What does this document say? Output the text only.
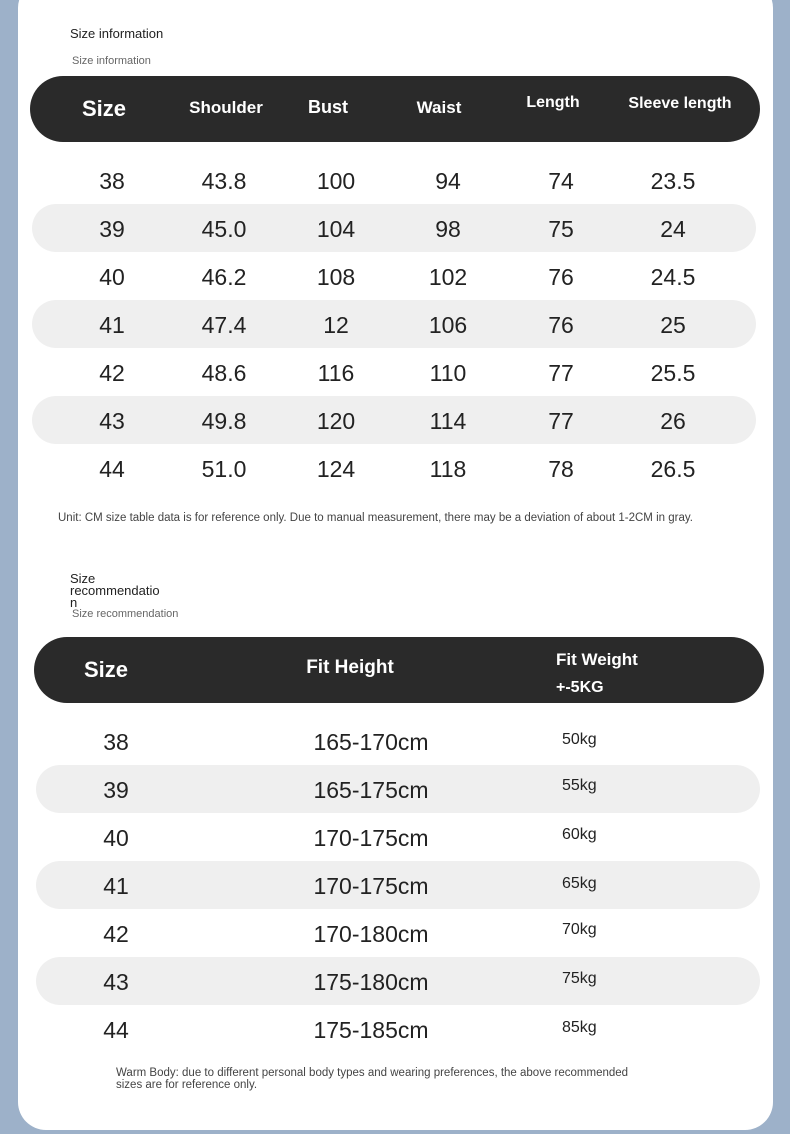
Size information
Size information
Size	Shoulder	Bust	Waist	Length	Sleeve length
38	43.8	100	94	74	23.5
39	45.0	104	98	75	24
40	46.2	108	102	76	24.5
41	47.4	12	106	76	25
42	48.6	116	110	77	25.5
43	49.8	120	114	77	26
44	51.0	124	118	78	26.5
Unit: CM size table data is for reference only. Due to manual measurement, there may be a deviation of about 1-2CM in gray.
Size
recommendatio
n
Size recommendation
Size	Fit Height	Fit Weight
+-5KG
38	165-170cm	50kg
39	165-175cm	55kg
40	170-175cm	60kg
41	170-175cm	65kg
42	170-180cm	70kg
43	175-180cm	75kg
44	175-185cm	85kg
Warm Body: due to different personal body types and wearing preferences, the above recommended
sizes are for reference only.
